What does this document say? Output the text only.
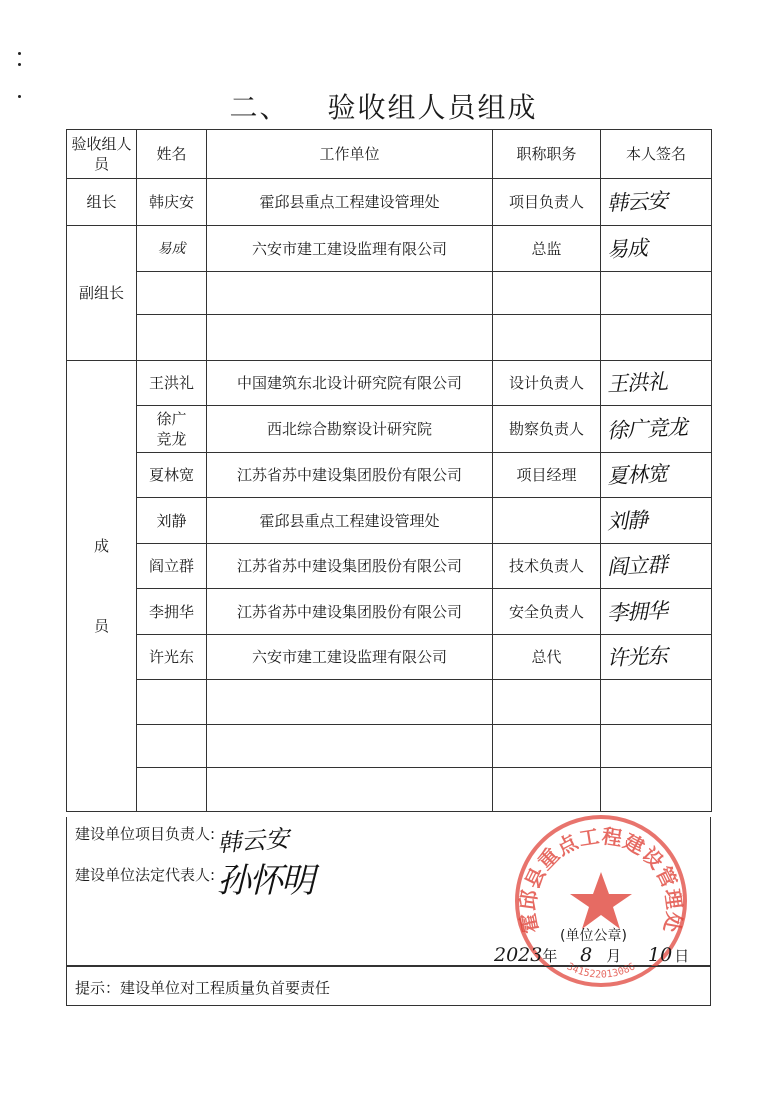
二、 验收组人员组成
验收组人员	姓名	工作单位	职称职务	本人签名
组长	韩庆安	霍邱县重点工程建设管理处	项目负责人	韩云安

副组长	易成	六安市建工建设监理有限公司	总监	易成

成
员	王洪礼	中国建筑东北设计研究院有限公司	设计负责人	王洪礼

	徐广竞龙	西北综合勘察设计研究院	勘察负责人	徐广竞龙

	夏林宽	江苏省苏中建设集团股份有限公司	项目经理	夏林宽

	刘静	霍邱县重点工程建设管理处		刘静

	阎立群	江苏省苏中建设集团股份有限公司	技术负责人	阎立群

	李拥华	江苏省苏中建设集团股份有限公司	安全负责人	李拥华

	许光东	六安市建工建设监理有限公司	总代	许光东

建设单位项目负责人: 韩云安
建设单位法定代表人: 孙怀明
霍邱县重点工程建设管理处
341522013086
(单位公章)
2023年 8 月 10 日
提示：建设单位对工程质量负首要责任
